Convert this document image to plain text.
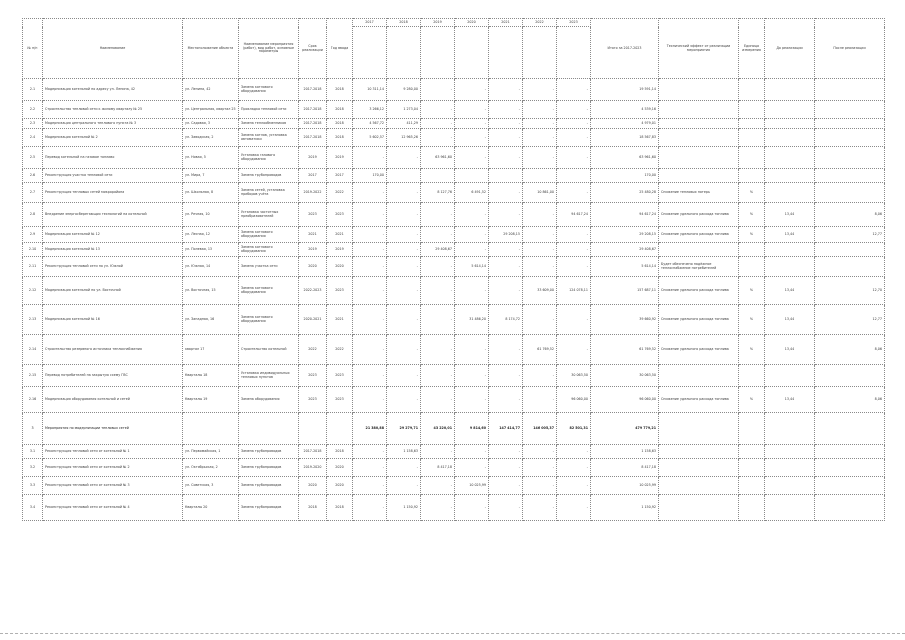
№ п/п	Наименование	Местоположение объекта	Наименование мероприятия (работ), вид работ, основные параметры	Срок реализации	Год ввода	2017	2018	2019	2020	2021	2022	2023	Итого за 2017-2023	Технический эффект от реализации мероприятия	Единица измерения	До реализации	После реализации

2.1	Модернизация котельной по адресу ул. Ленина, 42	ул. Ленина, 42	Замена котлового оборудования	2017-2018	2018	10 311,14	9 280,00	-	-	-	-	-	19 591,14				
2.2	Строительство тепловой сети к жилому кварталу № 25	ул. Центральная, квартал 25	Прокладка тепловой сети	2017-2018	2018	3 266,12	1 273,04	-	-	-	-	-	4 539,16				
2.3	Модернизация центрального теплового пункта № 3	ул. Садовая, 3	Замена теплообменников	2017-2018	2018	4 567,72	411,29	-	-	-	-	-	4 979,01				
2.4	Модернизация котельной № 2	ул. Заводская, 2	Замена котлов, установка автоматики	2017-2018	2018	5 602,57	12 965,26	-	-	-	-	-	18 567,83				
2.5	Перевод котельной на газовое топливо	ул. Новая, 5	Установка газового оборудования	2019	2019	-	-	63 961,60	-	-	-	-	63 961,60				
2.6	Реконструкция участка тепловой сети	ул. Мира, 7	Замена трубопроводов	2017	2017	170,00							170,00				
2.7	Реконструкция тепловых сетей микрорайона	ул. Школьная, 8	Замена сетей, установка приборов учёта	2019-2022	2022	-	-	8 127,76	6 491,52	-	10 861,00	-	25 480,28	Снижение тепловых потерь	%		
2.8	Внедрение энергосберегающих технологий на котельной	ул. Речная, 10	Установка частотных преобразователей	2023	2023	-	-	-	-	-	-	94 617,24	94 617,24	Снижение удельного расхода топлива	%	13,44	8,06
2.9	Модернизация котельной № 12	ул. Лесная, 12	Замена котлового оборудования	2021	2021	-	-	-	-	29 208,15	-	-	29 208,15	Снижение удельного расхода топлива	%	13,44	12,77
2.10	Модернизация котельной № 13	ул. Полевая, 13	Замена котлового оборудования	2019	2019	-	-	29 408,67	-	-	-	-	29 408,67				
2.11	Реконструкция тепловой сети по ул. Южной	ул. Южная, 14	Замена участка сети	2020	2020	-	-	-	5 614,14	-	-	-	5 614,14	Будет обеспечено надёжное теплоснабжение потребителей			
2.12	Модернизация котельной по ул. Восточной	ул. Восточная, 15	Замена котлового оборудования	2022-2023	2023	-	-	-	-	-	33 609,00	124 078,11	157 687,11	Снижение удельного расхода топлива	%	13,44	12,70
2.13	Модернизация котельной № 16	ул. Западная, 16	Замена котлового оборудования	2020-2021	2021	-	-	-	31 486,20	8 174,72	-	-	39 660,92	Снижение удельного расхода топлива	%	13,44	12,77
2.14	Строительство резервного источника теплоснабжения	квартал 17	Строительство котельной	2022	2022	-	-	-	-	-	61 769,52	-	61 769,52	Снижение удельного расхода топлива	%	13,44	8,06
2.15	Перевод потребителей на закрытую схему ГВС	Кварталы 18	Установка индивидуальных тепловых пунктов	2023	2023	-	-	-	-	-	-	30 063,50	30 063,50				
2.16	Модернизация оборудования котельной и сетей	Кварталы 19	Замена оборудования	2023	2023	-	-	-	-	-	-	96 060,00	96 060,00	Снижение удельного расхода топлива	%	13,44	8,06
3	Мероприятия по модернизации тепловых сетей					21 380,88	29 279,71	43 220,01	9 814,60	147 414,77	146 005,37	82 501,31	479 779,21				
3.1	Реконструкция тепловой сети от котельной № 1	ул. Первомайская, 1	Замена трубопроводов	2017-2018	2018	-	1 158,63	-	-	-	-	-	1 158,63				
3.2	Реконструкция тепловой сети от котельной № 2	ул. Октябрьская, 2	Замена трубопроводов	2019-2020	2020	-	-	8 417,18	-	-	-	-	8 417,18				
3.3	Реконструкция тепловой сети от котельной № 3	ул. Советская, 3	Замена трубопроводов	2020	2020	-	-	-	10 025,99	-	-	-	10 025,99				
3.4	Реконструкция тепловой сети от котельной № 4	Кварталы 20	Замена трубопроводов	2018	2018	-	1 150,92	-	-	-	-	-	1 150,92				
